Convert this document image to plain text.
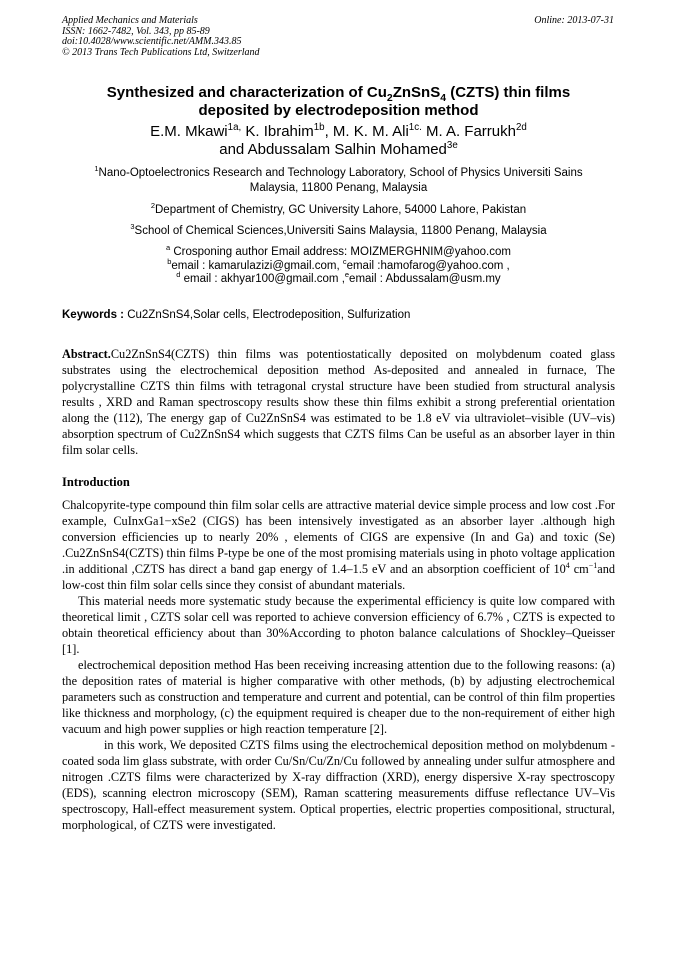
Applied Mechanics and Materials
ISSN: 1662-7482, Vol. 343, pp 85-89
doi:10.4028/www.scientific.net/AMM.343.85
© 2013 Trans Tech Publications Ltd, Switzerland
Online: 2013-07-31
Synthesized and characterization of $Cu_2ZnSnS_4$ (CZTS) thin films
deposited by electrodeposition method
E.M. Mkawi$^{1a,}$ K. Ibrahim$^{1b}$, M. K. M. Ali$^{1c.}$ M. A. Farrukh$^{2d}$
and Abdussalam Salhin Mohamed$^{3e}$
$^1$Nano-Optoelectronics Research and Technology Laboratory, School of Physics Universiti Sains
Malaysia, 11800 Penang, Malaysia
$^2$Department of Chemistry, GC University Lahore, 54000 Lahore, Pakistan
$^3$School of Chemical Sciences,Universiti Sains Malaysia, 11800 Penang, Malaysia
$^a$ Crosponing author Email address: MOIZMERGHNIM@yahoo.com
$^b$email : kamarulazizi@gmail.com, $^c$email :hamofarog@yahoo.com ,
$^d$ email : akhyar100@gmail.com ,$^e$email : Abdussalam@usm.my
Keywords : Cu2ZnSnS4,Solar cells, Electrodeposition, Sulfurization
Abstract.Cu2ZnSnS4(CZTS) thin films was potentiostatically deposited on molybdenum coated glass substrates using the electrochemical deposition method As-deposited and annealed in furnace, The polycrystalline CZTS thin films with tetragonal crystal structure have been studied from structural analysis results , XRD and Raman spectroscopy results show these thin films exhibit a strong preferential orientation along the (112), The energy gap of Cu2ZnSnS4 was estimated to be 1.8 eV via ultraviolet–visible (UV–vis) absorption spectrum of Cu2ZnSnS4 which suggests that CZTS films Can be useful as an absorber layer in thin film solar cells.
Introduction

Chalcopyrite-type compound thin film solar cells are attractive material device simple process and low cost .For example, CuInxGa1−xSe2 (CIGS) has been intensively investigated as an absorber layer .although high conversion efficiencies up to nearly 20% , elements of CIGS are expensive (In and Ga) and toxic (Se) .Cu2ZnSnS4(CZTS) thin films P-type be one of the most promising materials using in photo voltage application .in additional ,CZTS has direct a band gap energy of 1.4–1.5 eV and an absorption coefficient of $10^4$ $cm^{-1}and$ low-cost thin film solar cells since they consist of abundant materials.

This material needs more systematic study because the experimental efficiency is quite low compared with theoretical limit , CZTS solar cell was reported to achieve conversion efficiency of 6.7% , CZTS is expected to obtain theoretical efficiency about than 30%According to photon balance calculations of Shockley–Queisser [1].

electrochemical deposition method Has been receiving increasing attention due to the following reasons: (a) the deposition rates of material is higher comparative with other methods, (b) by adjusting electrochemical parameters such as construction and temperature and current and potential, can be control of thin film properties like thickness and morphology, (c) the equipment required is cheaper due to the non-requirement of either high vacuum and high power supplies or high reaction temperature [2].

in this work, We deposited CZTS films using the electrochemical deposition method on molybdenum -coated soda lim glass substrate, with order Cu/Sn/Cu/Zn/Cu followed by annealing under sulfur atmosphere and nitrogen .CZTS films were characterized by X-ray diffraction (XRD), energy dispersive X-ray spectroscopy (EDS), scanning electron microscopy (SEM), Raman scattering measurements diffuse reflectance UV–Vis spectroscopy, Hall-effect measurement system. Optical properties, electric properties compositional, structural, morphological, of CZTS were investigated.
